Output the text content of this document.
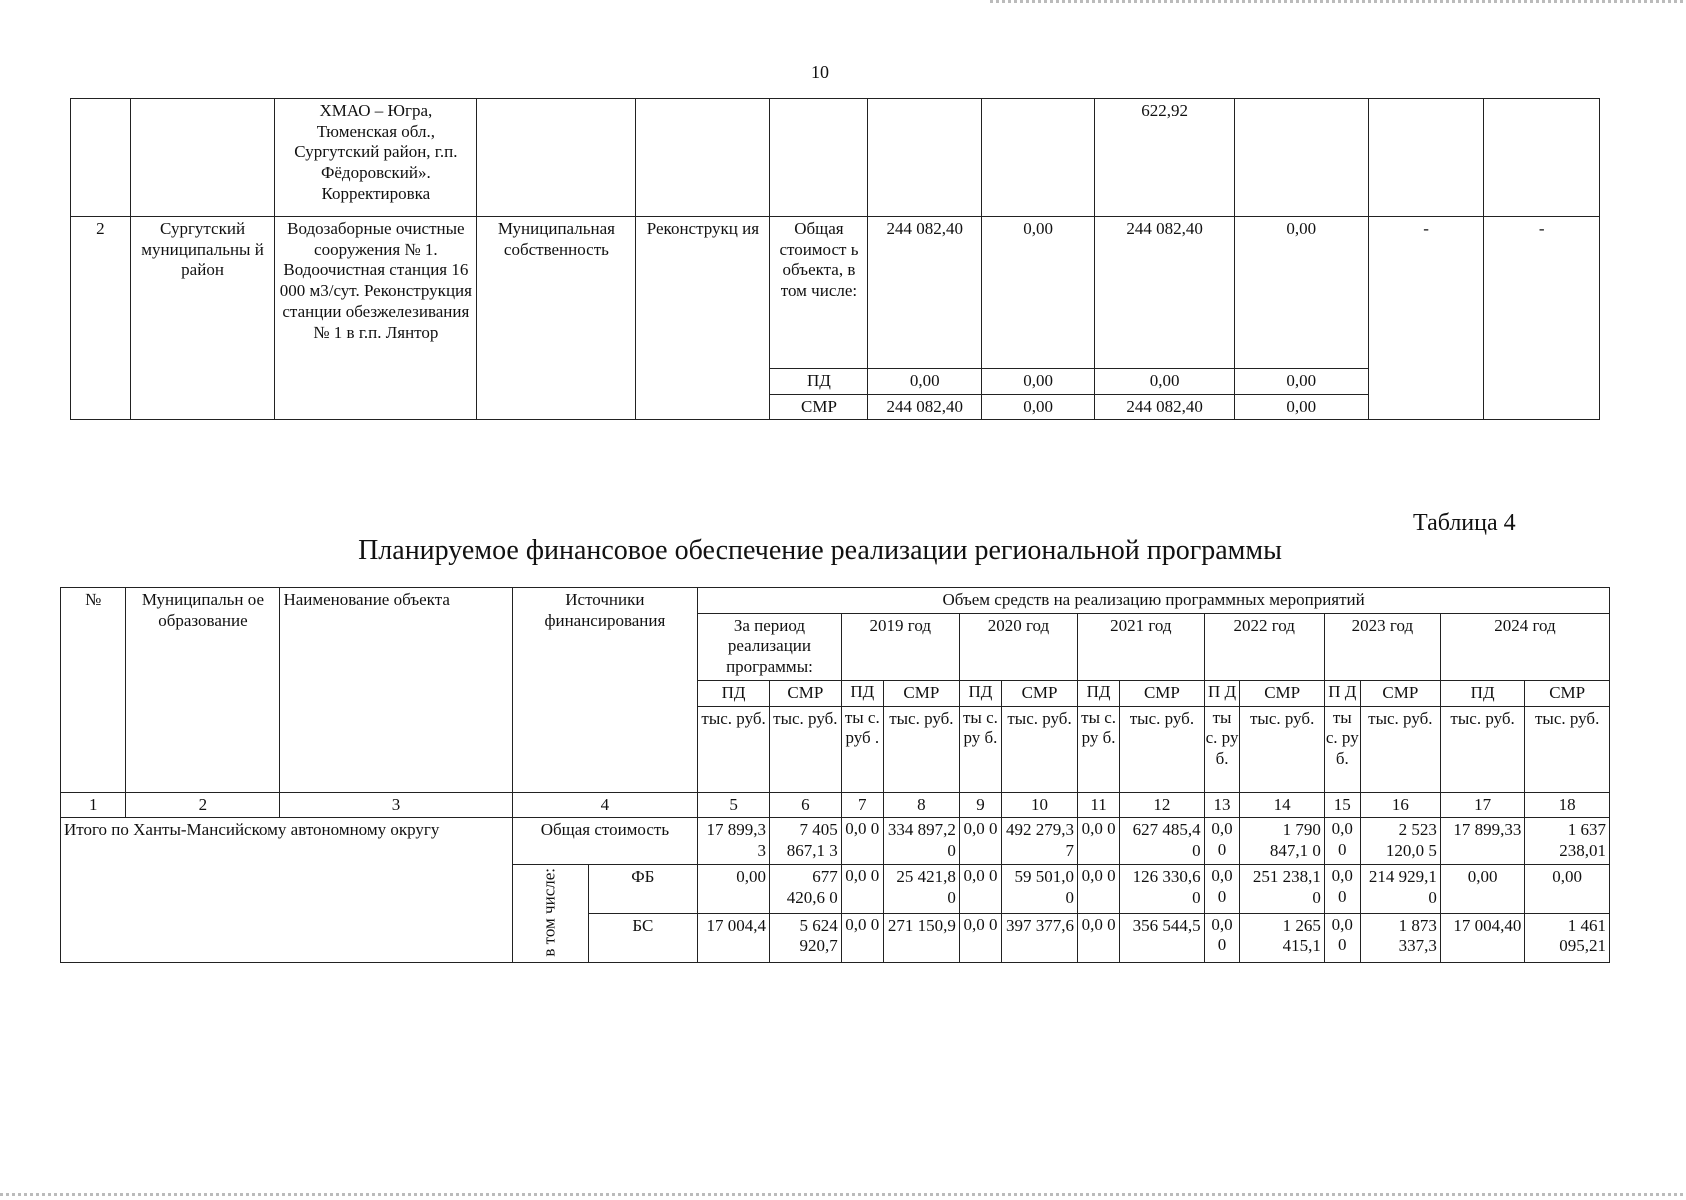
10
		ХМАО – Югра, Тюменская обл., Сургутский район, г.п. Фёдоровский». Корректировка						622,92			
2	Сургутский муниципальны й район	Водозаборные очистные сооружения № 1. Водоочистная станция 16 000 м3/сут. Реконструкция станции обезжелезивания № 1 в г.п. Лянтор	Муниципальная собственность	Реконструкц ия	Общая стоимост ь объекта, в том числе:	244 082,40	0,00	244 082,40	0,00	-	-
					ПД	0,00	0,00	0,00	0,00		
					СМР	244 082,40	0,00	244 082,40	0,00		
Таблица 4
Планируемое финансовое обеспечение реализации региональной программы
№	Муниципальн ое образование	Наименование объекта	Источники финансирования		Объем средств на реализацию программных мероприятий													
					За период реализации программы:		2019 год		2020 год		2021 год		2022 год		2023 год		2024 год	
					ПД	СМР	ПД	СМР	ПД	СМР	ПД	СМР	П Д	СМР	П Д	СМР	ПД	СМР
					тыс. руб.	тыс. руб.	ты с. руб .	тыс. руб.	ты с. ру б.	тыс. руб.	ты с. ру б.	тыс. руб.	ты с. ру б.	тыс. руб.	ты с. ру б.	тыс. руб.	тыс. руб.	тыс. руб.
1	2	3	4		5	6	7	8	9	10	11	12	13	14	15	16	17	18
Итого по Ханты-Мансийскому автономному округу			Общая стоимость		17 899,3 3	7 405 867,1 3	0,0 0	334 897,2 0	0,0 0	492 279,3 7	0,0 0	627 485,4 0	0,0 0	1 790 847,1 0	0,0 0	2 523 120,0 5	17 899,33	1 637 238,01
			в том числе:	ФБ	0,00	677 420,6 0	0,0 0	25 421,8 0	0,0 0	59 501,0 0	0,0 0	126 330,6 0	0,0 0	251 238,1 0	0,0 0	214 929,1 0	0,00	0,00
				БС	17 004,4	5 624 920,7	0,0 0	271 150,9	0,0 0	397 377,6	0,0 0	356 544,5	0,0 0	1 265 415,1	0,0 0	1 873 337,3	17 004,40	1 461 095,21
